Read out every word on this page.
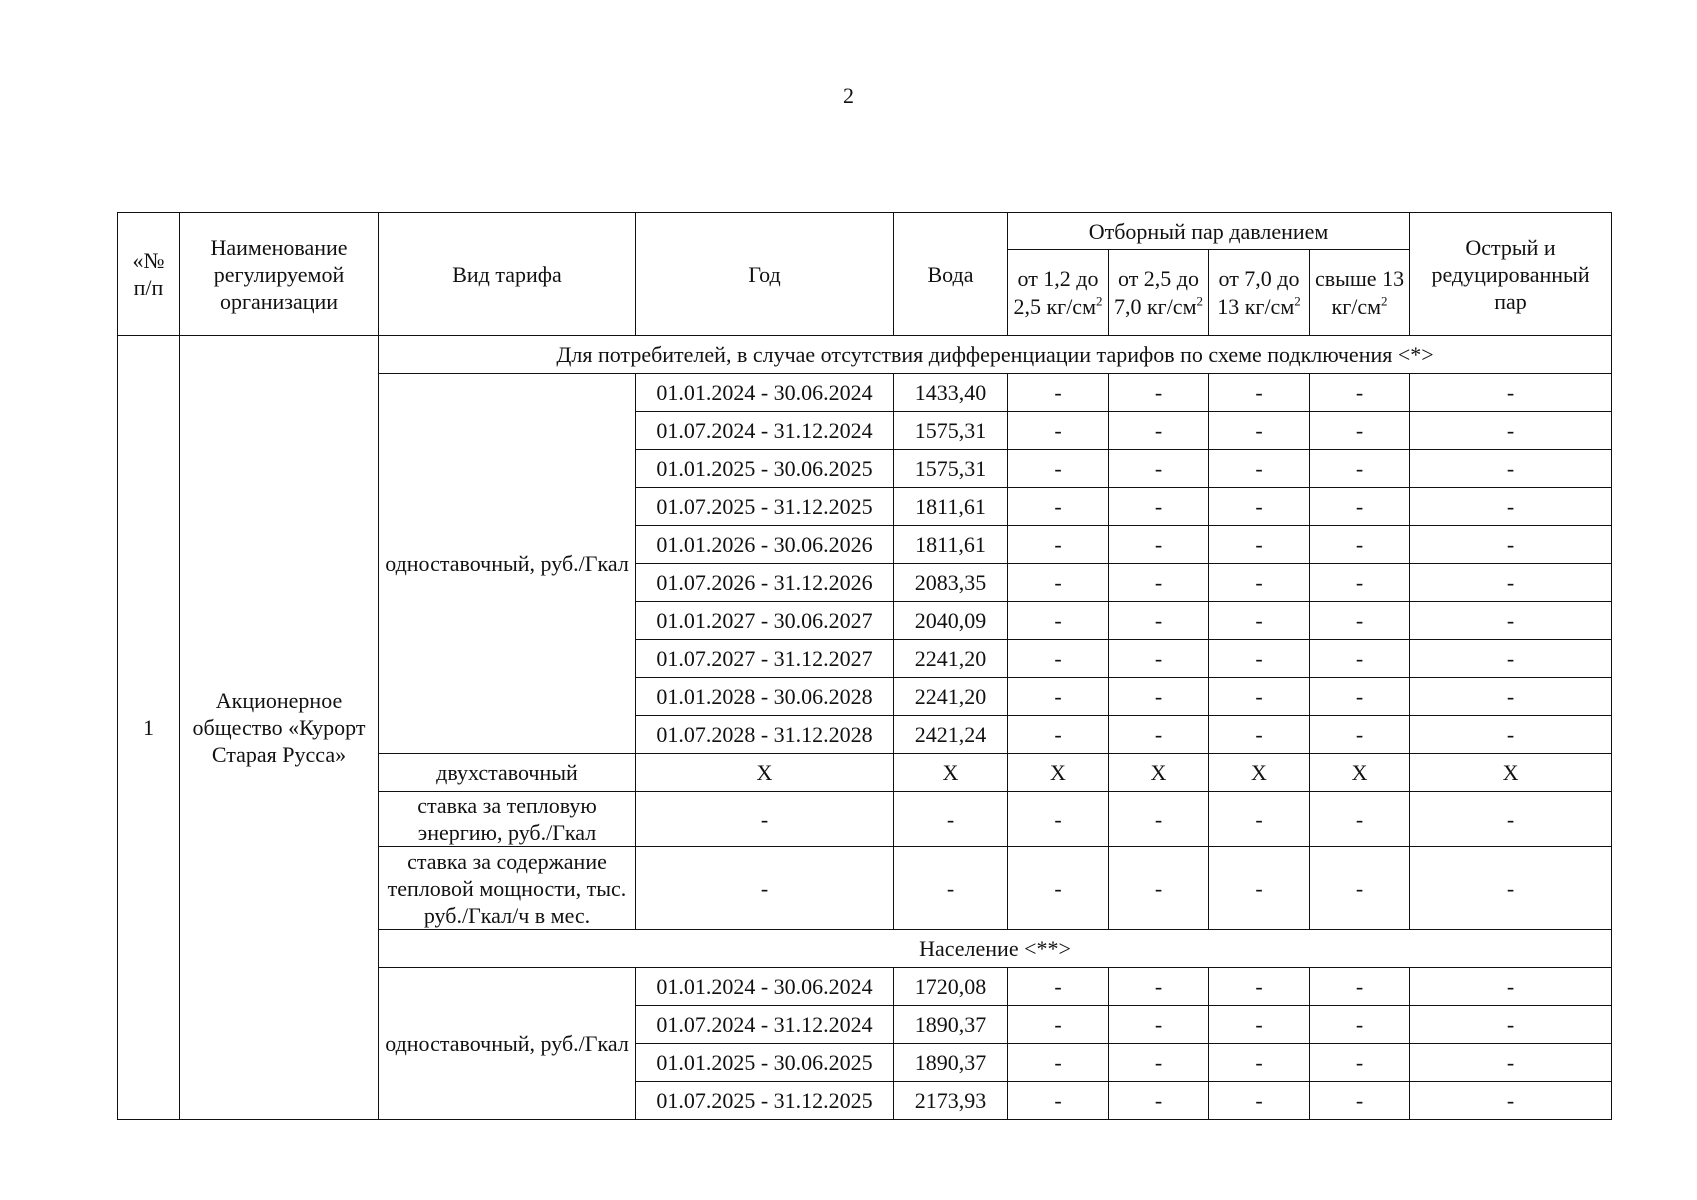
2
«№ п/п	Наименование регулируемой организации	Вид тарифа	Год	Вода	Отборный пар давлением				Острый и редуцированный пар
					от 1,2 до 2,5 $кг/см^2$	от 2,5 до 7,0 $кг/см^2$	от 7,0 до 13 $кг/см^2$	свыше 13 $кг/см^2$
1	Акционерное общество «Курорт Старая Русса»	Для потребителей, в случае отсутствия дифференциации тарифов по схеме подключения <*>							
		одноставочный, руб./Гкал	01.01.2024 - 30.06.2024	1433,40	-	-	-	-	-
			01.07.2024 - 31.12.2024	1575,31	-	-	-	-	-
			01.01.2025 - 30.06.2025	1575,31	-	-	-	-	-
			01.07.2025 - 31.12.2025	1811,61	-	-	-	-	-
			01.01.2026 - 30.06.2026	1811,61	-	-	-	-	-
			01.07.2026 - 31.12.2026	2083,35	-	-	-	-	-
			01.01.2027 - 30.06.2027	2040,09	-	-	-	-	-
			01.07.2027 - 31.12.2027	2241,20	-	-	-	-	-
			01.01.2028 - 30.06.2028	2241,20	-	-	-	-	-
			01.07.2028 - 31.12.2028	2421,24	-	-	-	-	-
		двухставочный	X	X	X	X	X	X	X
		ставка за тепловую энергию, руб./Гкал	-	-	-	-	-	-	-
		ставка за содержание тепловой мощности, тыс. руб./Гкал/ч в мес.	-	-	-	-	-	-	-
		Население <**>							
		одноставочный, руб./Гкал	01.01.2024 - 30.06.2024	1720,08	-	-	-	-	-
			01.07.2024 - 31.12.2024	1890,37	-	-	-	-	-
			01.01.2025 - 30.06.2025	1890,37	-	-	-	-	-
			01.07.2025 - 31.12.2025	2173,93	-	-	-	-	-
